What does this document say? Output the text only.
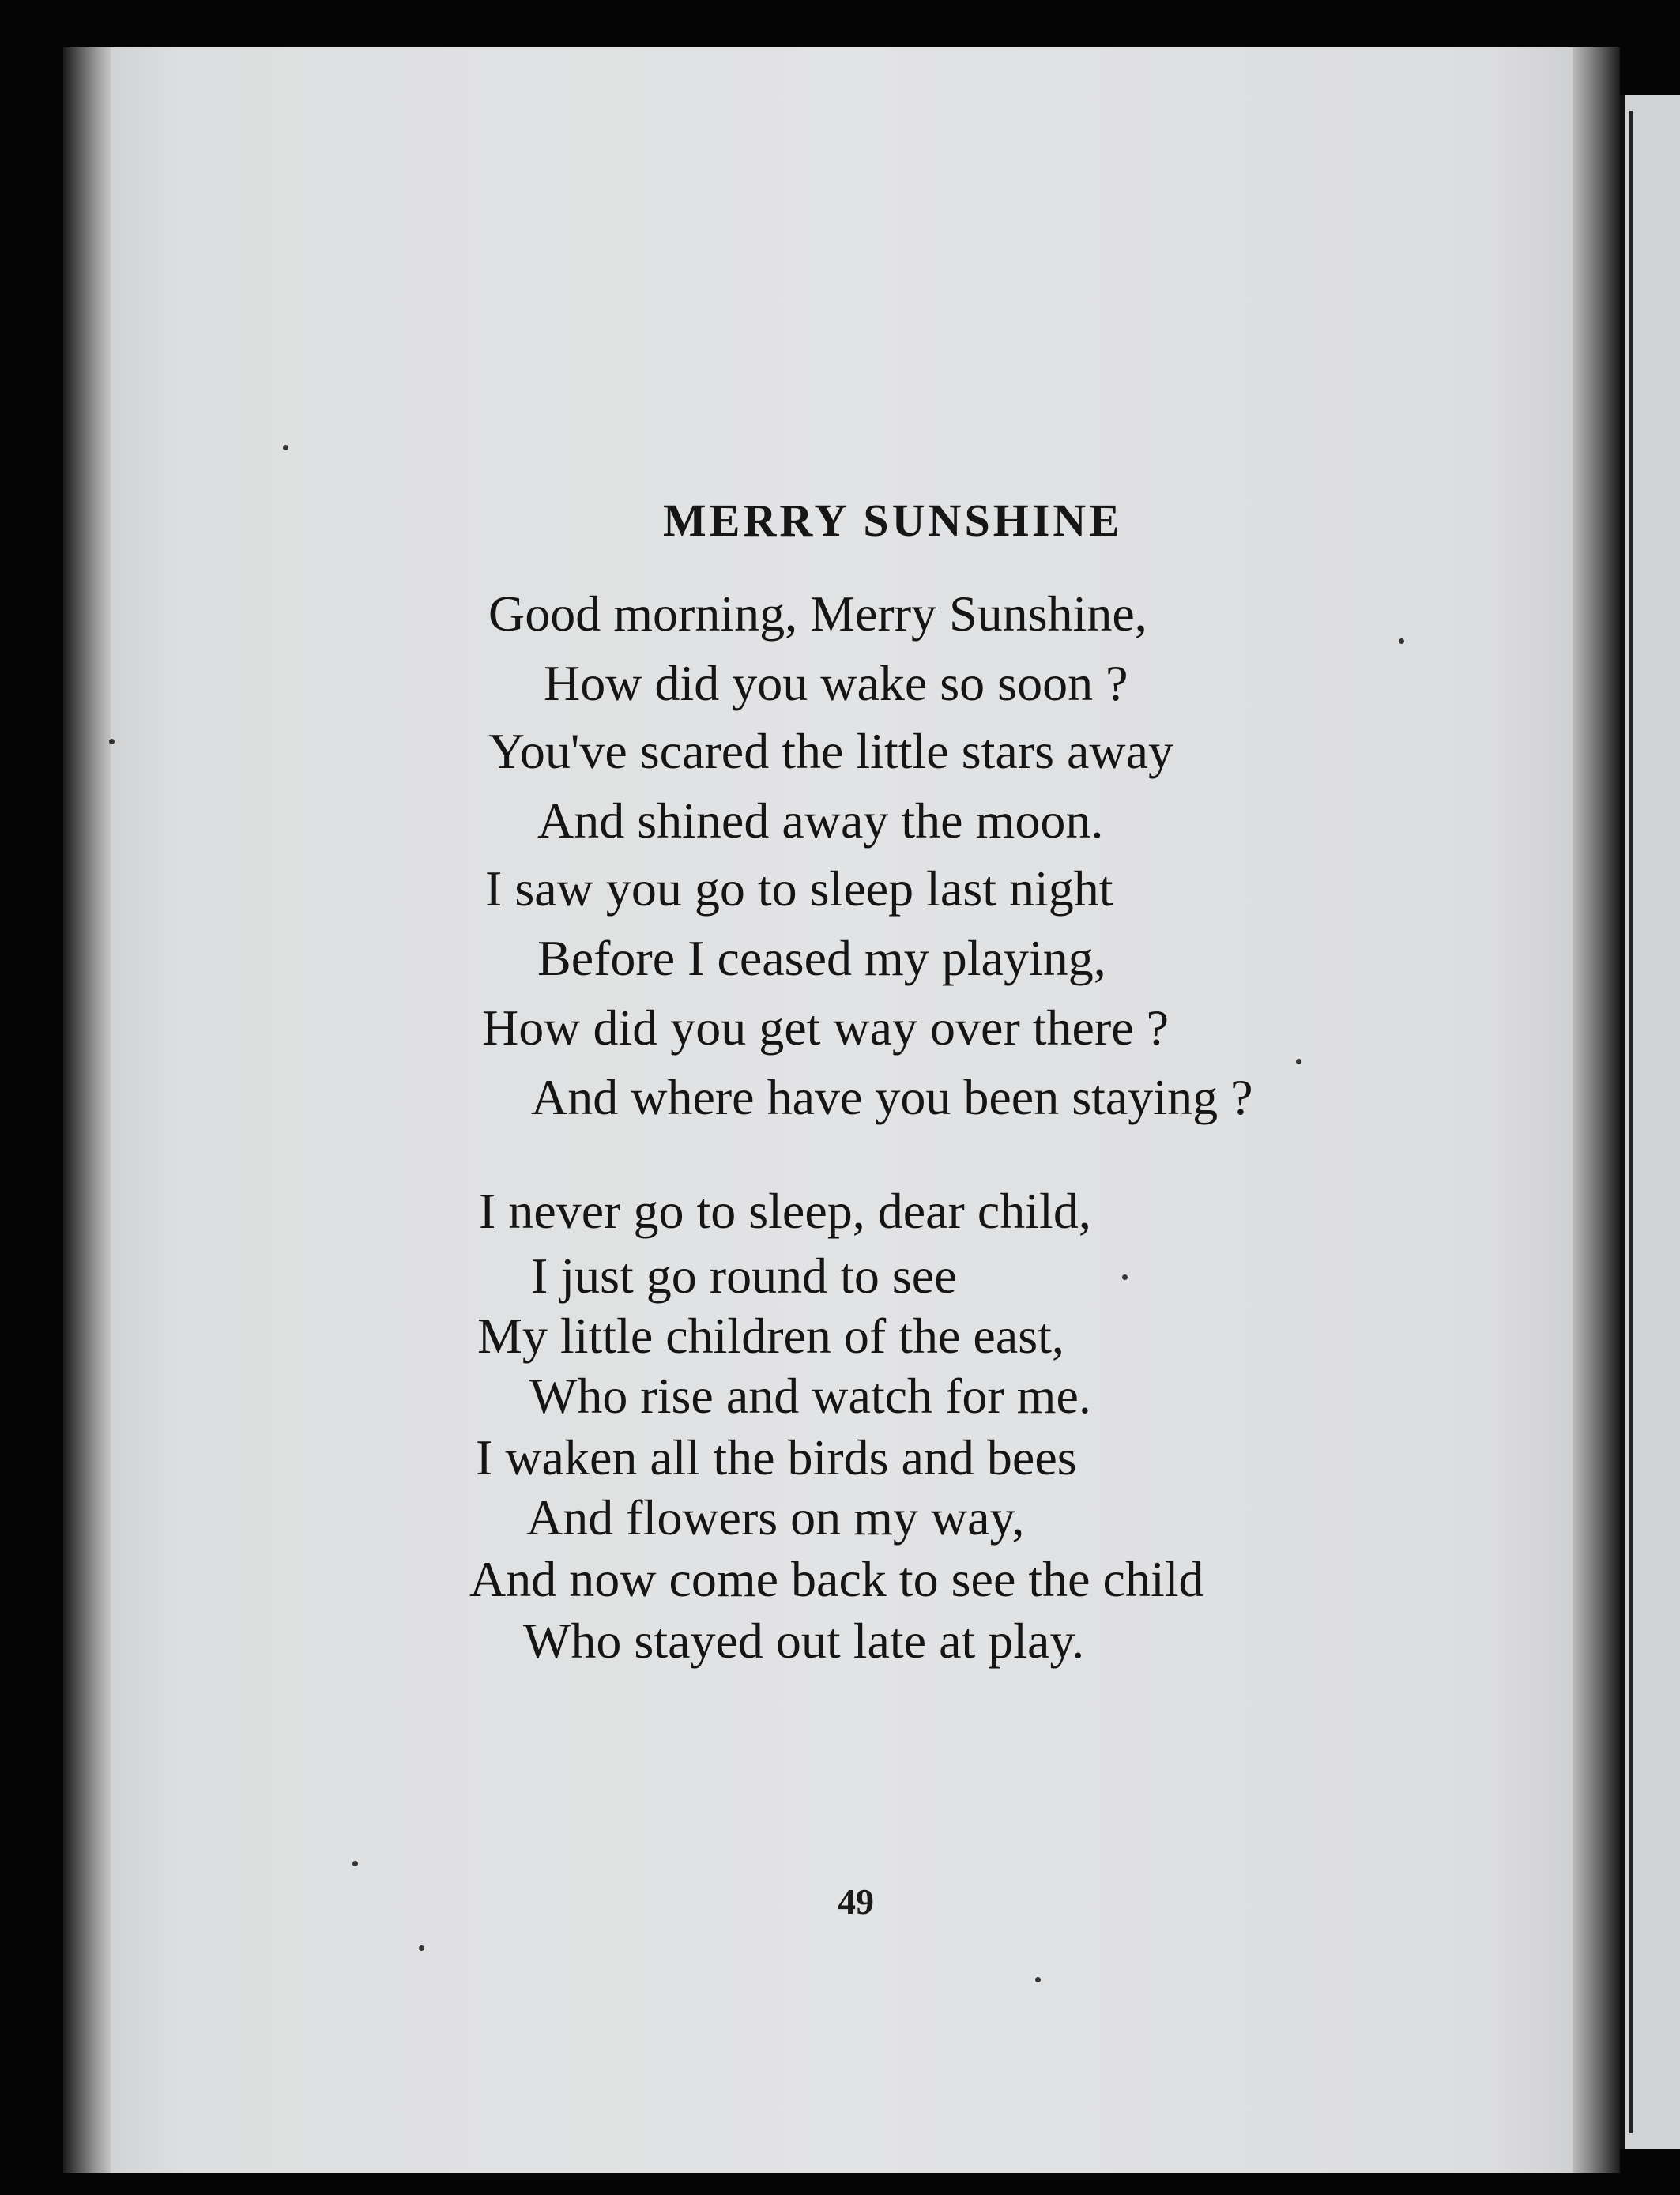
MERRY SUNSHINE
Good morning, Merry Sunshine,
How did you wake so soon ?
You've scared the little stars away
And shined away the moon.
I saw you go to sleep last night
Before I ceased my playing,
How did you get way over there ?
And where have you been staying ?
I never go to sleep, dear child,
I just go round to see
My little children of the east,
Who rise and watch for me.
I waken all the birds and bees
And flowers on my way,
And now come back to see the child
Who stayed out late at play.
49
